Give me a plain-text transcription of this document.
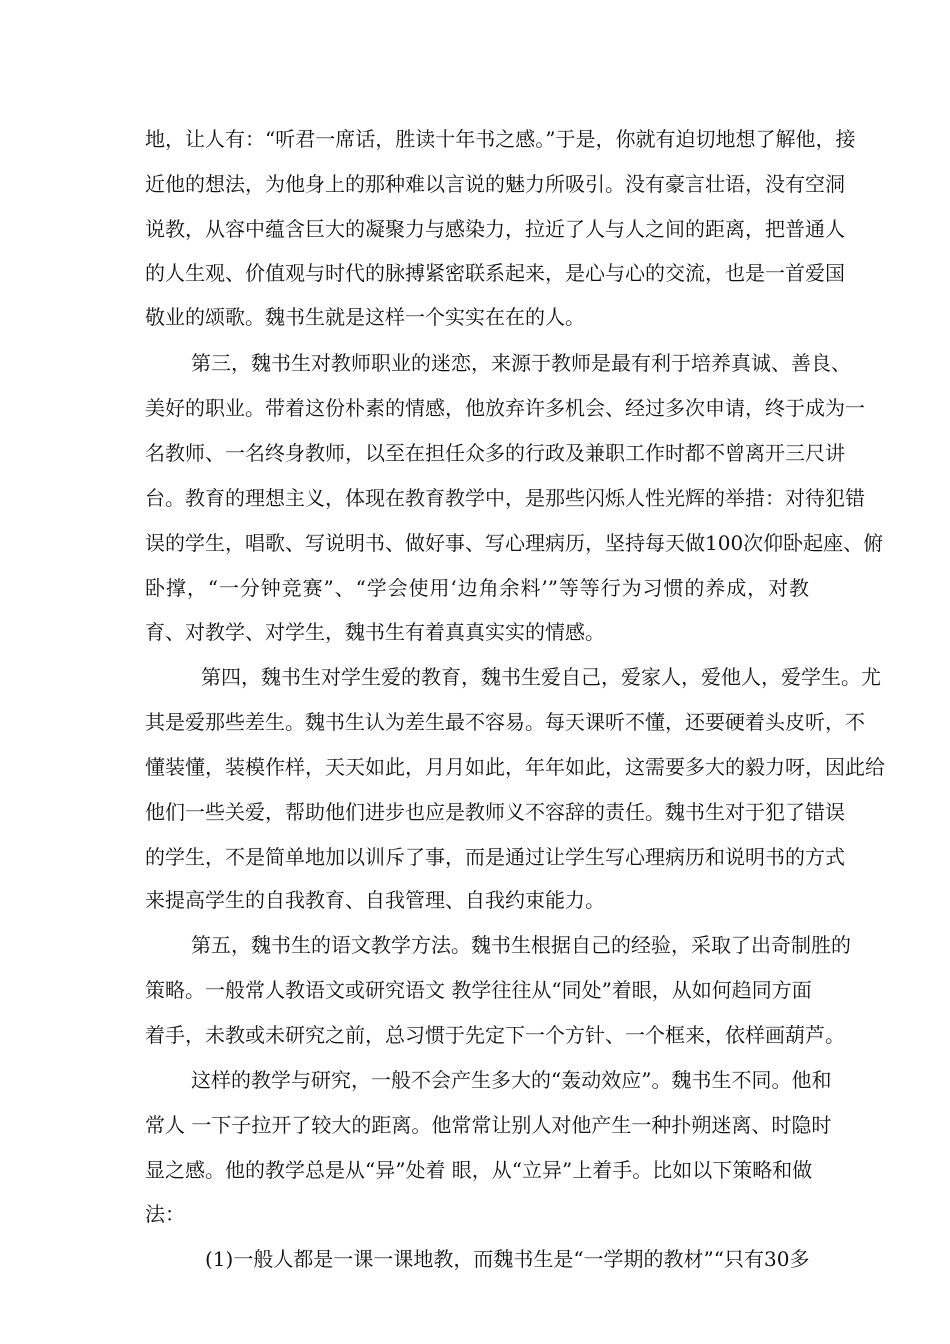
地，让人有：“听君一席话，胜读十年书之感。”于是，你就有迫切地想了解他，接
近他的想法，为他身上的那种难以言说的魅力所吸引。没有豪言壮语，没有空洞
说教，从容中蕴含巨大的凝聚力与感染力，拉近了人与人之间的距离，把普通人
的人生观、价值观与时代的脉搏紧密联系起来，是心与心的交流，也是一首爱国
敬业的颂歌。魏书生就是这样一个实实在在的人。
第三，魏书生对教师职业的迷恋，来源于教师是最有利于培养真诚、善良、
美好的职业。带着这份朴素的情感，他放弃许多机会、经过多次申请，终于成为一
名教师、一名终身教师，以至在担任众多的行政及兼职工作时都不曾离开三尺讲
台。教育的理想主义，体现在教育教学中，是那些闪烁人性光辉的举措：对待犯错
误的学生，唱歌、写说明书、做好事、写心理病历，坚持每天做100次仰卧起座、俯
卧撑，“一分钟竞赛”、“学会使用‘边角余料’”等等行为习惯的养成，对教
育、对教学、对学生，魏书生有着真真实实的情感。
第四，魏书生对学生爱的教育，魏书生爱自己，爱家人，爱他人，爱学生。尤
其是爱那些差生。魏书生认为差生最不容易。每天课听不懂，还要硬着头皮听，不
懂装懂，装模作样，天天如此，月月如此，年年如此，这需要多大的毅力呀，因此给
他们一些关爱，帮助他们进步也应是教师义不容辞的责任。魏书生对于犯了错误
的学生，不是简单地加以训斥了事，而是通过让学生写心理病历和说明书的方式
来提高学生的自我教育、自我管理、自我约束能力。
第五，魏书生的语文教学方法。魏书生根据自己的经验，采取了出奇制胜的
策略。一般常人教语文或研究语文 教学往往从“同处”着眼，从如何趋同方面
着手，未教或未研究之前，总习惯于先定下一个方针、一个框来，依样画葫芦。
这样的教学与研究，一般不会产生多大的“轰动效应”。魏书生不同。他和
常人 一下子拉开了较大的距离。他常常让别人对他产生一种扑朔迷离、时隐时
显之感。他的教学总是从“异”处着 眼，从“立异”上着手。比如以下策略和做
法：
(1)一般人都是一课一课地教，而魏书生是“一学期的教材”“只有30多
